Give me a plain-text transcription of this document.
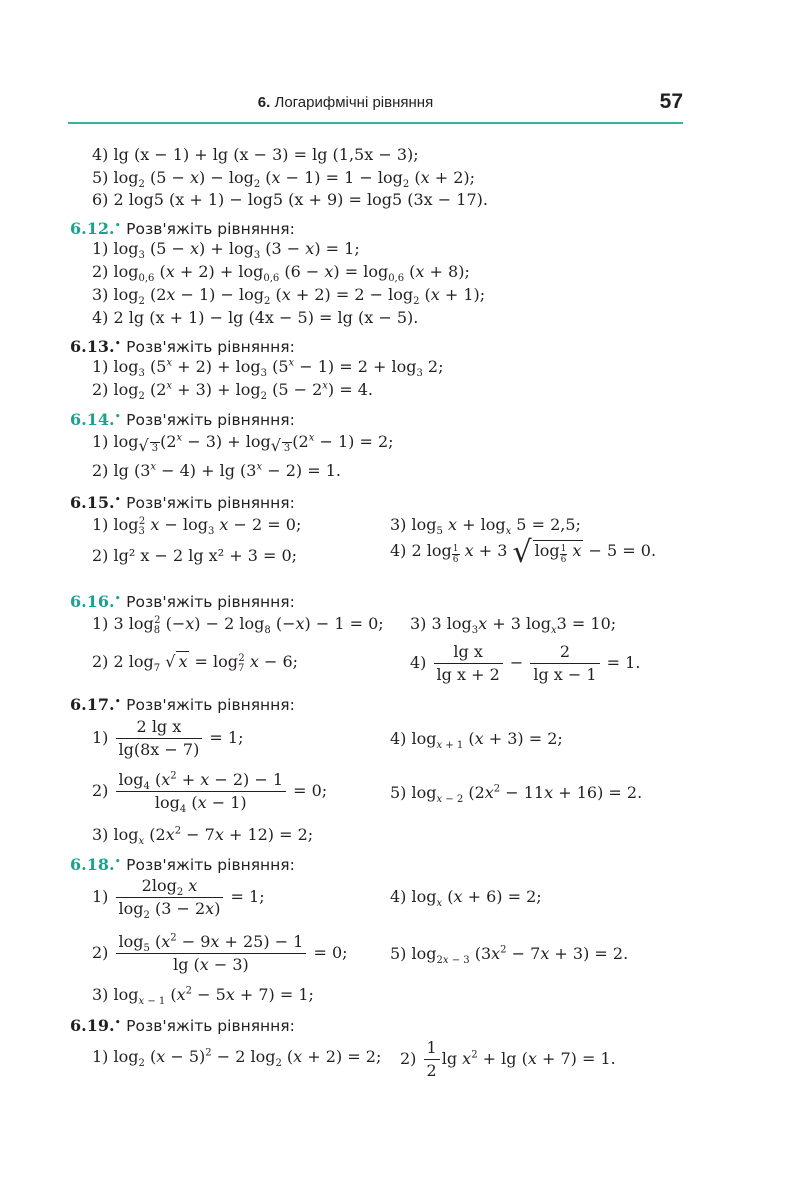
6. Логарифмічні рівняння	57
4) lg (x − 1) + lg (x − 3) = lg (1,5x − 3);
5) $\log_2 (5 - x) - \log_2 (x - 1) = 1 - \log_2 (x + 2)$;
6) 2 log5 (x + 1) − log5 (x + 9) = log5 (3x − 17).
6.12.• Розв'яжіть рівняння:
1) $\log_3 (5 - x) + \log_3 (3 - x) = 1$;
2) $\log_{0,6} (x + 2) + \log_{0,6} (6 - x) = \log_{0,6} (x + 8)$;
3) $\log_2 (2x - 1) - \log_2 (x + 2) = 2 - \log_2 (x + 1)$;
4) 2 lg (x + 1) − lg (4x − 5) = lg (x − 5).
6.13.• Розв'яжіть рівняння:
1) $\log_3 (5^x + 2) + \log_3 (5^x - 1) = 2 + \log_3 2$;
2) $\log_2 (2^x + 3) + \log_2 (5 - 2^x) = 4$.
6.14.• Розв'яжіть рівняння:
1) $\log_{√ 3} (2^x - 3) + \log_{√ 3} (2^x - 1) = 2$;
2) $\lg (3^x - 4) + \lg (3^x - 2) = 1$.
6.15.• Розв'яжіть рівняння:
1) $\log_3^2 x - \log_3 x - 2 = 0$;	3) $\log_5 x + \log_x 5 = 2,5$;
2) lg² x − 2 lg x² + 3 = 0;	4) 2 $\log \frac{1}{6}$ x + 3 √ $\log \frac{1}{6}$ x − 5 = 0.
6.16.• Розв'яжіть рівняння:
1) 3 $\log_8^2 (-x) - 2$ $\log_8 (-x) - 1 = 0$; 3) 3 $\log_3x + 3$ $\log_x3 = 10$;
2) 2 $\log_7$ √ $x = \log_7^2 x - 6$;	$4) \frac{\text{lg x}}{\text{lg x + 2}} - \frac{2}{\text{lg x − 1}} = 1$.
6.17.• Розв'яжіть рівняння:
$1) \frac{\text{2 lg x}}{\lg(8x - 7)} = 1$;	4) $\log_{x + 1} (x + 3) = 2$;
$2) \frac{\log_4 (x^2 + x - 2) - 1}{\log_4 (x - 1)} = 0$;	5) $\log_{x - 2} (2x^2 - 11x + 16) = 2$.
3) $\log_x (2x^2 - 7x + 12) = 2$;
6.18.• Розв'яжіть рівняння:
$1) \frac{2\log_2 x}{\log_2 (3 - 2x)} = 1$;	4) $\log_x (x + 6) = 2$;
$2) \frac{\log_5 (x^2 - 9x + 25) - 1}{\lg (x - 3)} = 0$;	5) $\log_{2x - 3} (3x^2 - 7x + 3) = 2$.
3) $\log_{x - 1} (x^2 - 5x + 7) = 1$;
6.19.• Розв'яжіть рівняння:
1) $\log_2 (x - 5)^2 - 2$ $\log_2 (x + 2) = 2$; $2) \frac{1}{2}$ $\lg x^2 + \lg (x + 7) = 1$.
